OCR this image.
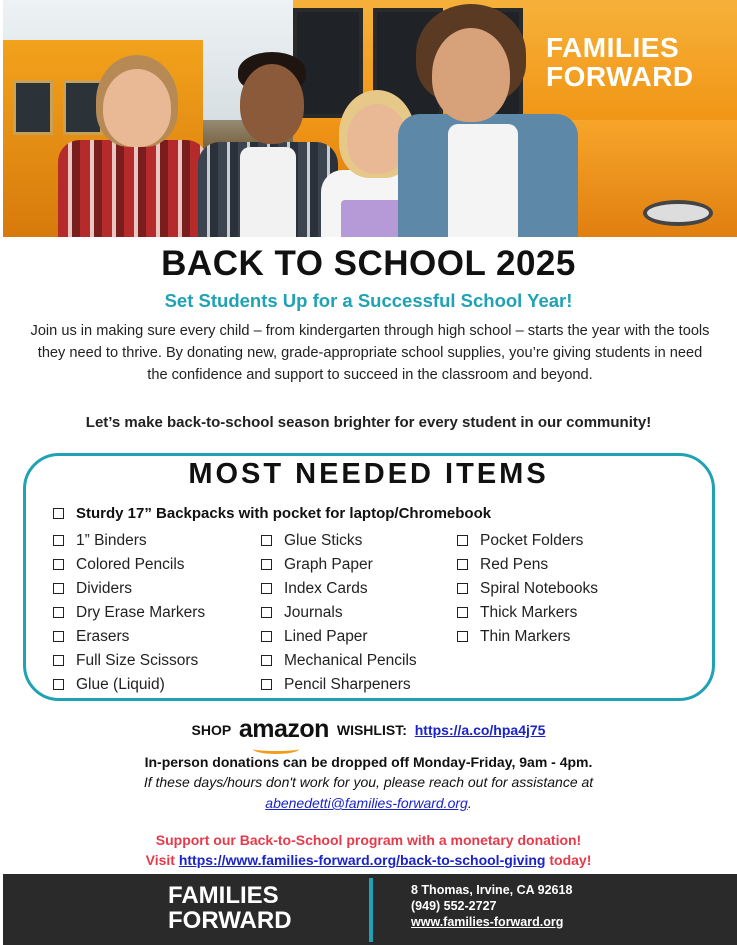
FAMILIES
FORWARD
BACK TO SCHOOL 2025
Set Students Up for a Successful School Year!
Join us in making sure every child – from kindergarten through high school – starts the year with the tools they need to thrive. By donating new, grade-appropriate school supplies, you’re giving students in need the confidence and support to succeed in the classroom and beyond.
Let’s make back-to-school season brighter for every student in our community!
MOST NEEDED ITEMS
Sturdy 17” Backpacks with pocket for laptop/Chromebook
1” Binders
Colored Pencils
Dividers
Dry Erase Markers
Erasers
Full Size Scissors
Glue (Liquid)
Glue Sticks
Graph Paper
Index Cards
Journals
Lined Paper
Mechanical Pencils
Pencil Sharpeners
Pocket Folders
Red Pens
Spiral Notebooks
Thick Markers
Thin Markers
SHOP amazon WISHLIST: https://a.co/hpa4j75
In-person donations can be dropped off Monday-Friday, 9am - 4pm.
If these days/hours don't work for you, please reach out for assistance at
abenedetti@families-forward.org.
Support our Back-to-School program with a monetary donation!
Visit https://www.families-forward.org/back-to-school-giving today!
FAMILIES
FORWARD
8 Thomas, Irvine, CA 92618
(949) 552-2727
www.families-forward.org
